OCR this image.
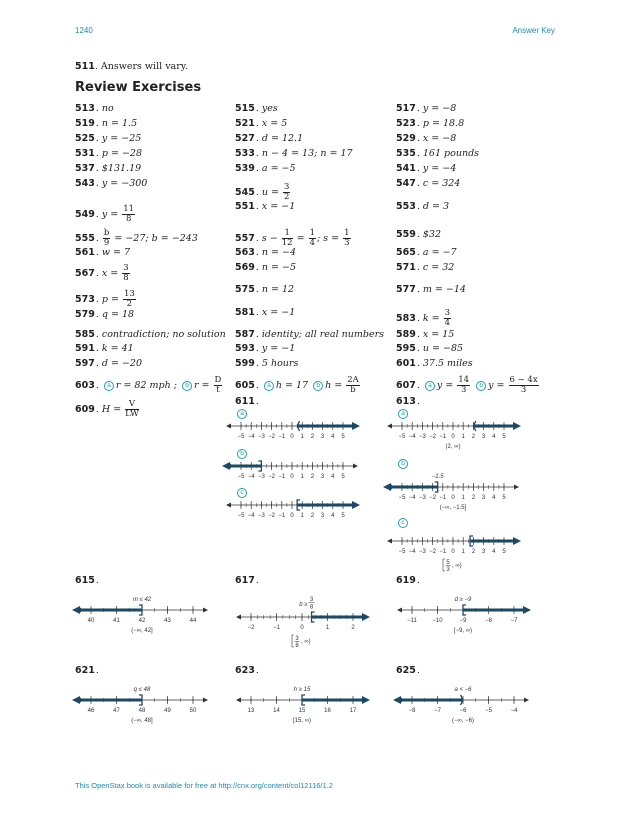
1240	Answer Key
511. Answers will vary.
Review Exercises
513. no
519. n = 1.5
525. y = −25
531. p = −28
537. $131.19
543. y = −300
549. $y = \frac{11}{8}$
555. $\frac{b}{9} = -27$; b = −243
561. w = 7
567. $x = \frac{3}{8}$
573. $p = \frac{13}{2}$
579. q = 18
585. contradiction; no solution
591. k = 41
597. d = −20
603. a r = 82 mph ; b $r = \frac{D}{t}$
609. $H = \frac{V}{LW}$
515. yes
521. x = 5
527. d = 12.1
533. n − 4 = 13; n = 17
539. a = −5
545. $u = \frac{3}{2}$
551. x = −1
557. $s - \frac{1}{12} = \frac{1}{4}$ ; $s = \frac{1}{3}$
563. n = −4
569. n = −5
575. n = 12
581. x = −1
587. identity; all real numbers
593. y = −1
599. 5 hours
605. a h = 17 b $h = \frac{2A}{b}$
611.
517. y = −8
523. p = 18.8
529. x = −8
535. 161 pounds
541. y = −4
547. c = 324
553. d = 3
559. $32
565. a = −7
571. c = 32
577. m = −14
583. $k = \frac{3}{4}$
589. x = 15
595. u = −85
601. 37.5 miles
607. a $y = \frac{14}{3}$ b $y = \frac{6 - 4x}{3}$
613.
615.	617.	619.
621.	623.	625.
a
b
c
a
b
c
−5 −4 −3 −2 −1 0 1 2 3 4 5
−5 −4 −3 −2 −1 0 1 2 3 4 5
−5 −4 −3 −2 −1 0 1 2 3 4 5
−5 −4 −3 −2 −1 0 1 2 3 4 5
(2, ∞)
−5 −4 −3 −2 −1 0 1 2 3 4 5
−1.5
(−∞, −1.5]
−5 −4 −3 −2 −1 0 1 2 3 4 5
5
3
, ∞)
40	41	42	43	44
m ≤ 42
(−∞, 42]	−2	−1	0	1	2
b ≥
3
8
3
8
, ∞)
−11	−10	−9	−8	−7
d ≥ −9
[−9, ∞)
46	47	48	49	50
q ≤ 48
(−∞, 48]
13	14	15	16	17
h ≥ 15
[15, ∞)
−8	−7	−6	−5	−4
a < −6
(−∞, −6)
This OpenStax book is available for free at http://cnx.org/content/col12116/1.2
